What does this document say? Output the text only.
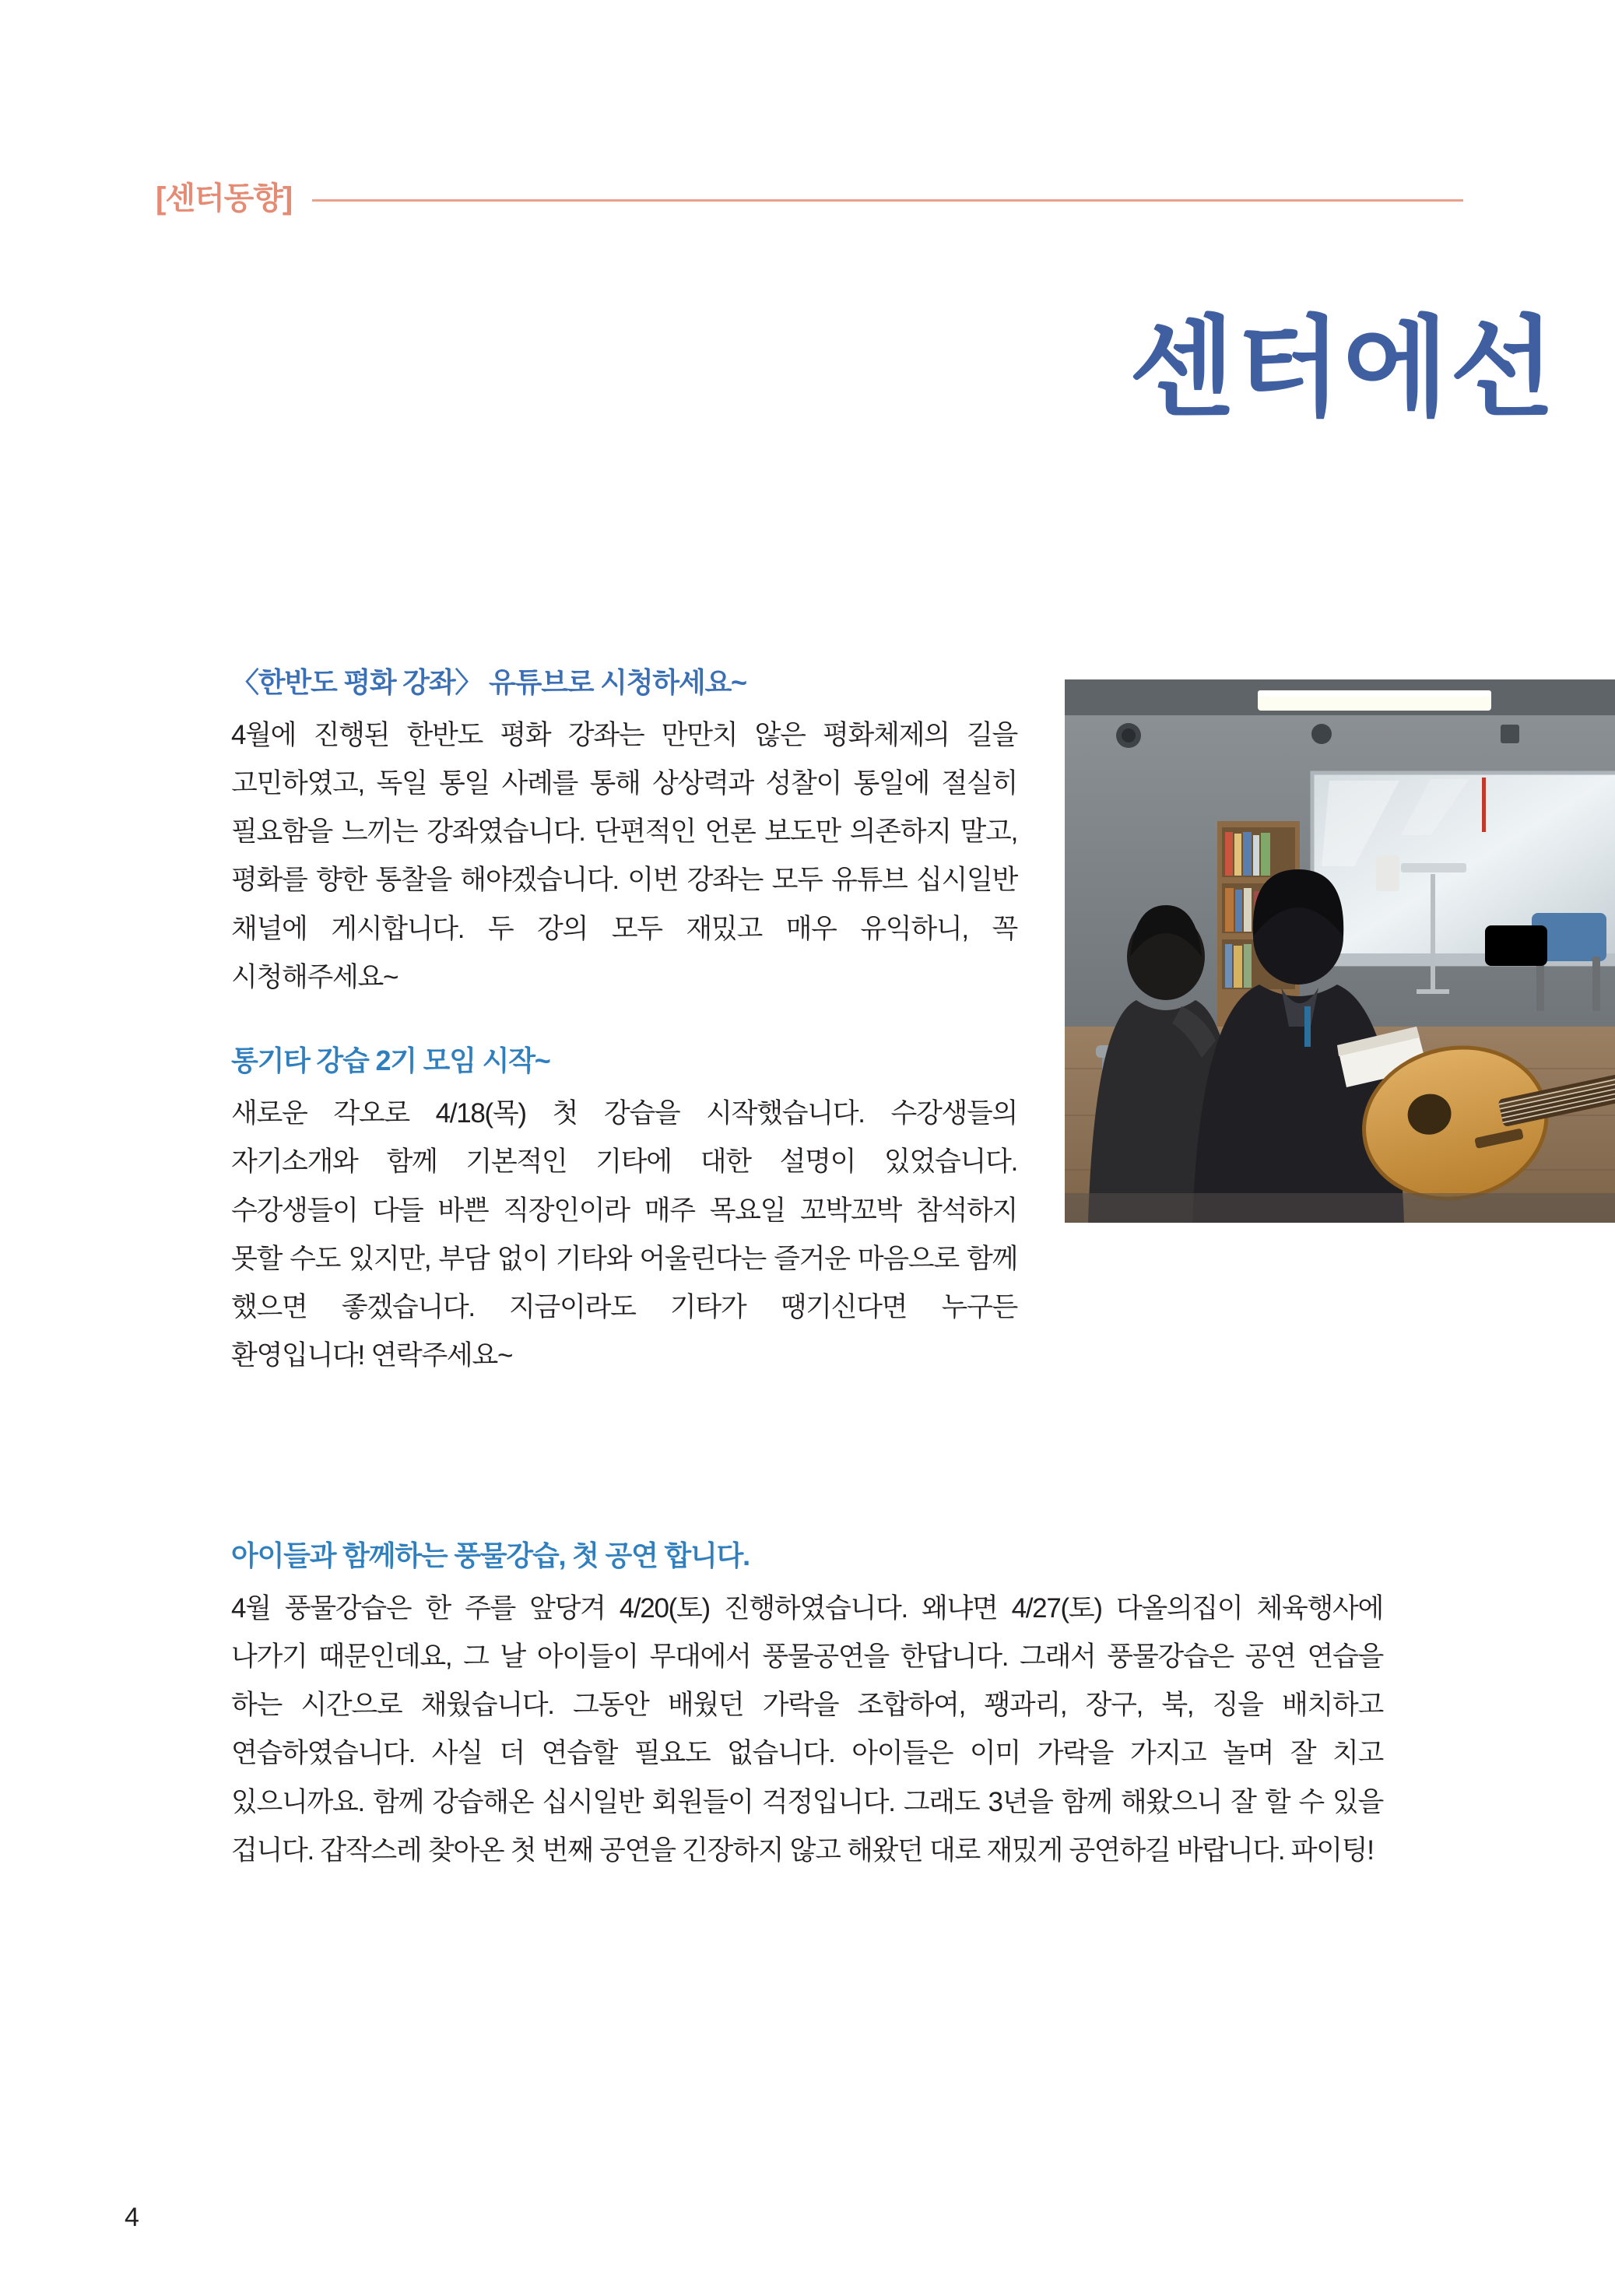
[센터동향]
센터에선
〈한반도 평화 강좌〉 유튜브로 시청하세요~

4월에 진행된 한반도 평화 강좌는 만만치 않은 평화체제의 길을 고민하였고, 독일 통일 사례를 통해 상상력과 성찰이 통일에 절실히 필요함을 느끼는 강좌였습니다. 단편적인 언론 보도만 의존하지 말고, 평화를 향한 통찰을 해야겠습니다. 이번 강좌는 모두 유튜브 십시일반 채널에 게시합니다. 두 강의 모두 재밌고 매우 유익하니, 꼭 시청해주세요~

통기타 강습 2기 모임 시작~

새로운 각오로 4/18(목) 첫 강습을 시작했습니다. 수강생들의 자기소개와 함께 기본적인 기타에 대한 설명이 있었습니다. 수강생들이 다들 바쁜 직장인이라 매주 목요일 꼬박꼬박 참석하지 못할 수도 있지만, 부담 없이 기타와 어울린다는 즐거운 마음으로 함께 했으면 좋겠습니다. 지금이라도 기타가 땡기신다면 누구든 환영입니다! 연락주세요~

아이들과 함께하는 풍물강습, 첫 공연 합니다.

4월 풍물강습은 한 주를 앞당겨 4/20(토) 진행하였습니다. 왜냐면 4/27(토) 다올의집이 체육행사에 나가기 때문인데요, 그 날 아이들이 무대에서 풍물공연을 한답니다. 그래서 풍물강습은 공연 연습을 하는 시간으로 채웠습니다. 그동안 배웠던 가락을 조합하여, 꽹과리, 장구, 북, 징을 배치하고 연습하였습니다. 사실 더 연습할 필요도 없습니다. 아이들은 이미 가락을 가지고 놀며 잘 치고 있으니까요. 함께 강습해온 십시일반 회원들이 걱정입니다. 그래도 3년을 함께 해왔으니 잘 할 수 있을 겁니다. 갑작스레 찾아온 첫 번째 공연을 긴장하지 않고 해왔던 대로 재밌게 공연하길 바랍니다. 파이팅!

4
